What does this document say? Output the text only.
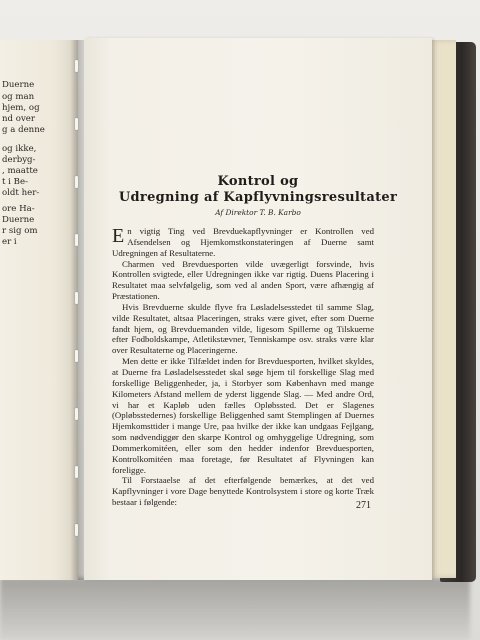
Duerne
og man
hjem, og
nd over
g a denne
og ikke,
derbyg-
, maatte
t i Be-
oldt her-
ore Ha-
Duerne
r sig om
er i
Kontrol og
Udregning af Kapflyvningsresultater
Af Direktor T. B. Karbo

En vigtig Ting ved Brevduekapflyvninger er Kontrollen ved Afsendelsen og Hjemkomstkonstateringen af Duerne samt Udregningen af Resultaterne.

Charmen ved Brevduesporten vilde uvægerligt forsvinde, hvis Kontrollen svigtede, eller Udregningen ikke var rigtig. Duens Placering i Resultatet maa selvfølgelig, som ved al anden Sport, være afhængig af Præstationen.

Hvis Brevduerne skulde flyve fra Løsladelsesstedet til samme Slag, vilde Resultatet, altsaa Placeringen, straks være givet, efter som Duerne fandt hjem, og Brevduemanden vilde, ligesom Spillerne og Tilskuerne efter Fodboldskampe, Atletikstævner, Tenniskampe osv. straks være klar over Resultaterne og Placeringerne.

Men dette er ikke Tilfældet inden for Brevduesporten, hvilket skyldes, at Duerne fra Løsladelsesstedet skal søge hjem til forskellige Slag med forskellige Beliggenheder, ja, i Storbyer som København med mange Kilometers Afstand mellem de yderst liggende Slag. — Med andre Ord, vi har et Kapløb uden fælles Opløbssted. Det er Slagenes (Opløbsstedernes) forskellige Beliggenhed samt Stemplingen af Duernes Hjemkomsttider i mange Ure, paa hvilke der ikke kan undgaas Fejlgang, som nødvendiggør den skarpe Kontrol og omhyggelige Udregning, som Dommerkomitéen, eller som den hedder indenfor Brevduesporten, Kontrolkomitéen maa foretage, før Resultatet af Flyvningen kan foreligge.

Til Forstaaelse af det efterfølgende bemærkes, at det ved Kapflyvninger i vore Dage benyttede Kontrolsystem i store og korte Træk bestaar i følgende:	271
